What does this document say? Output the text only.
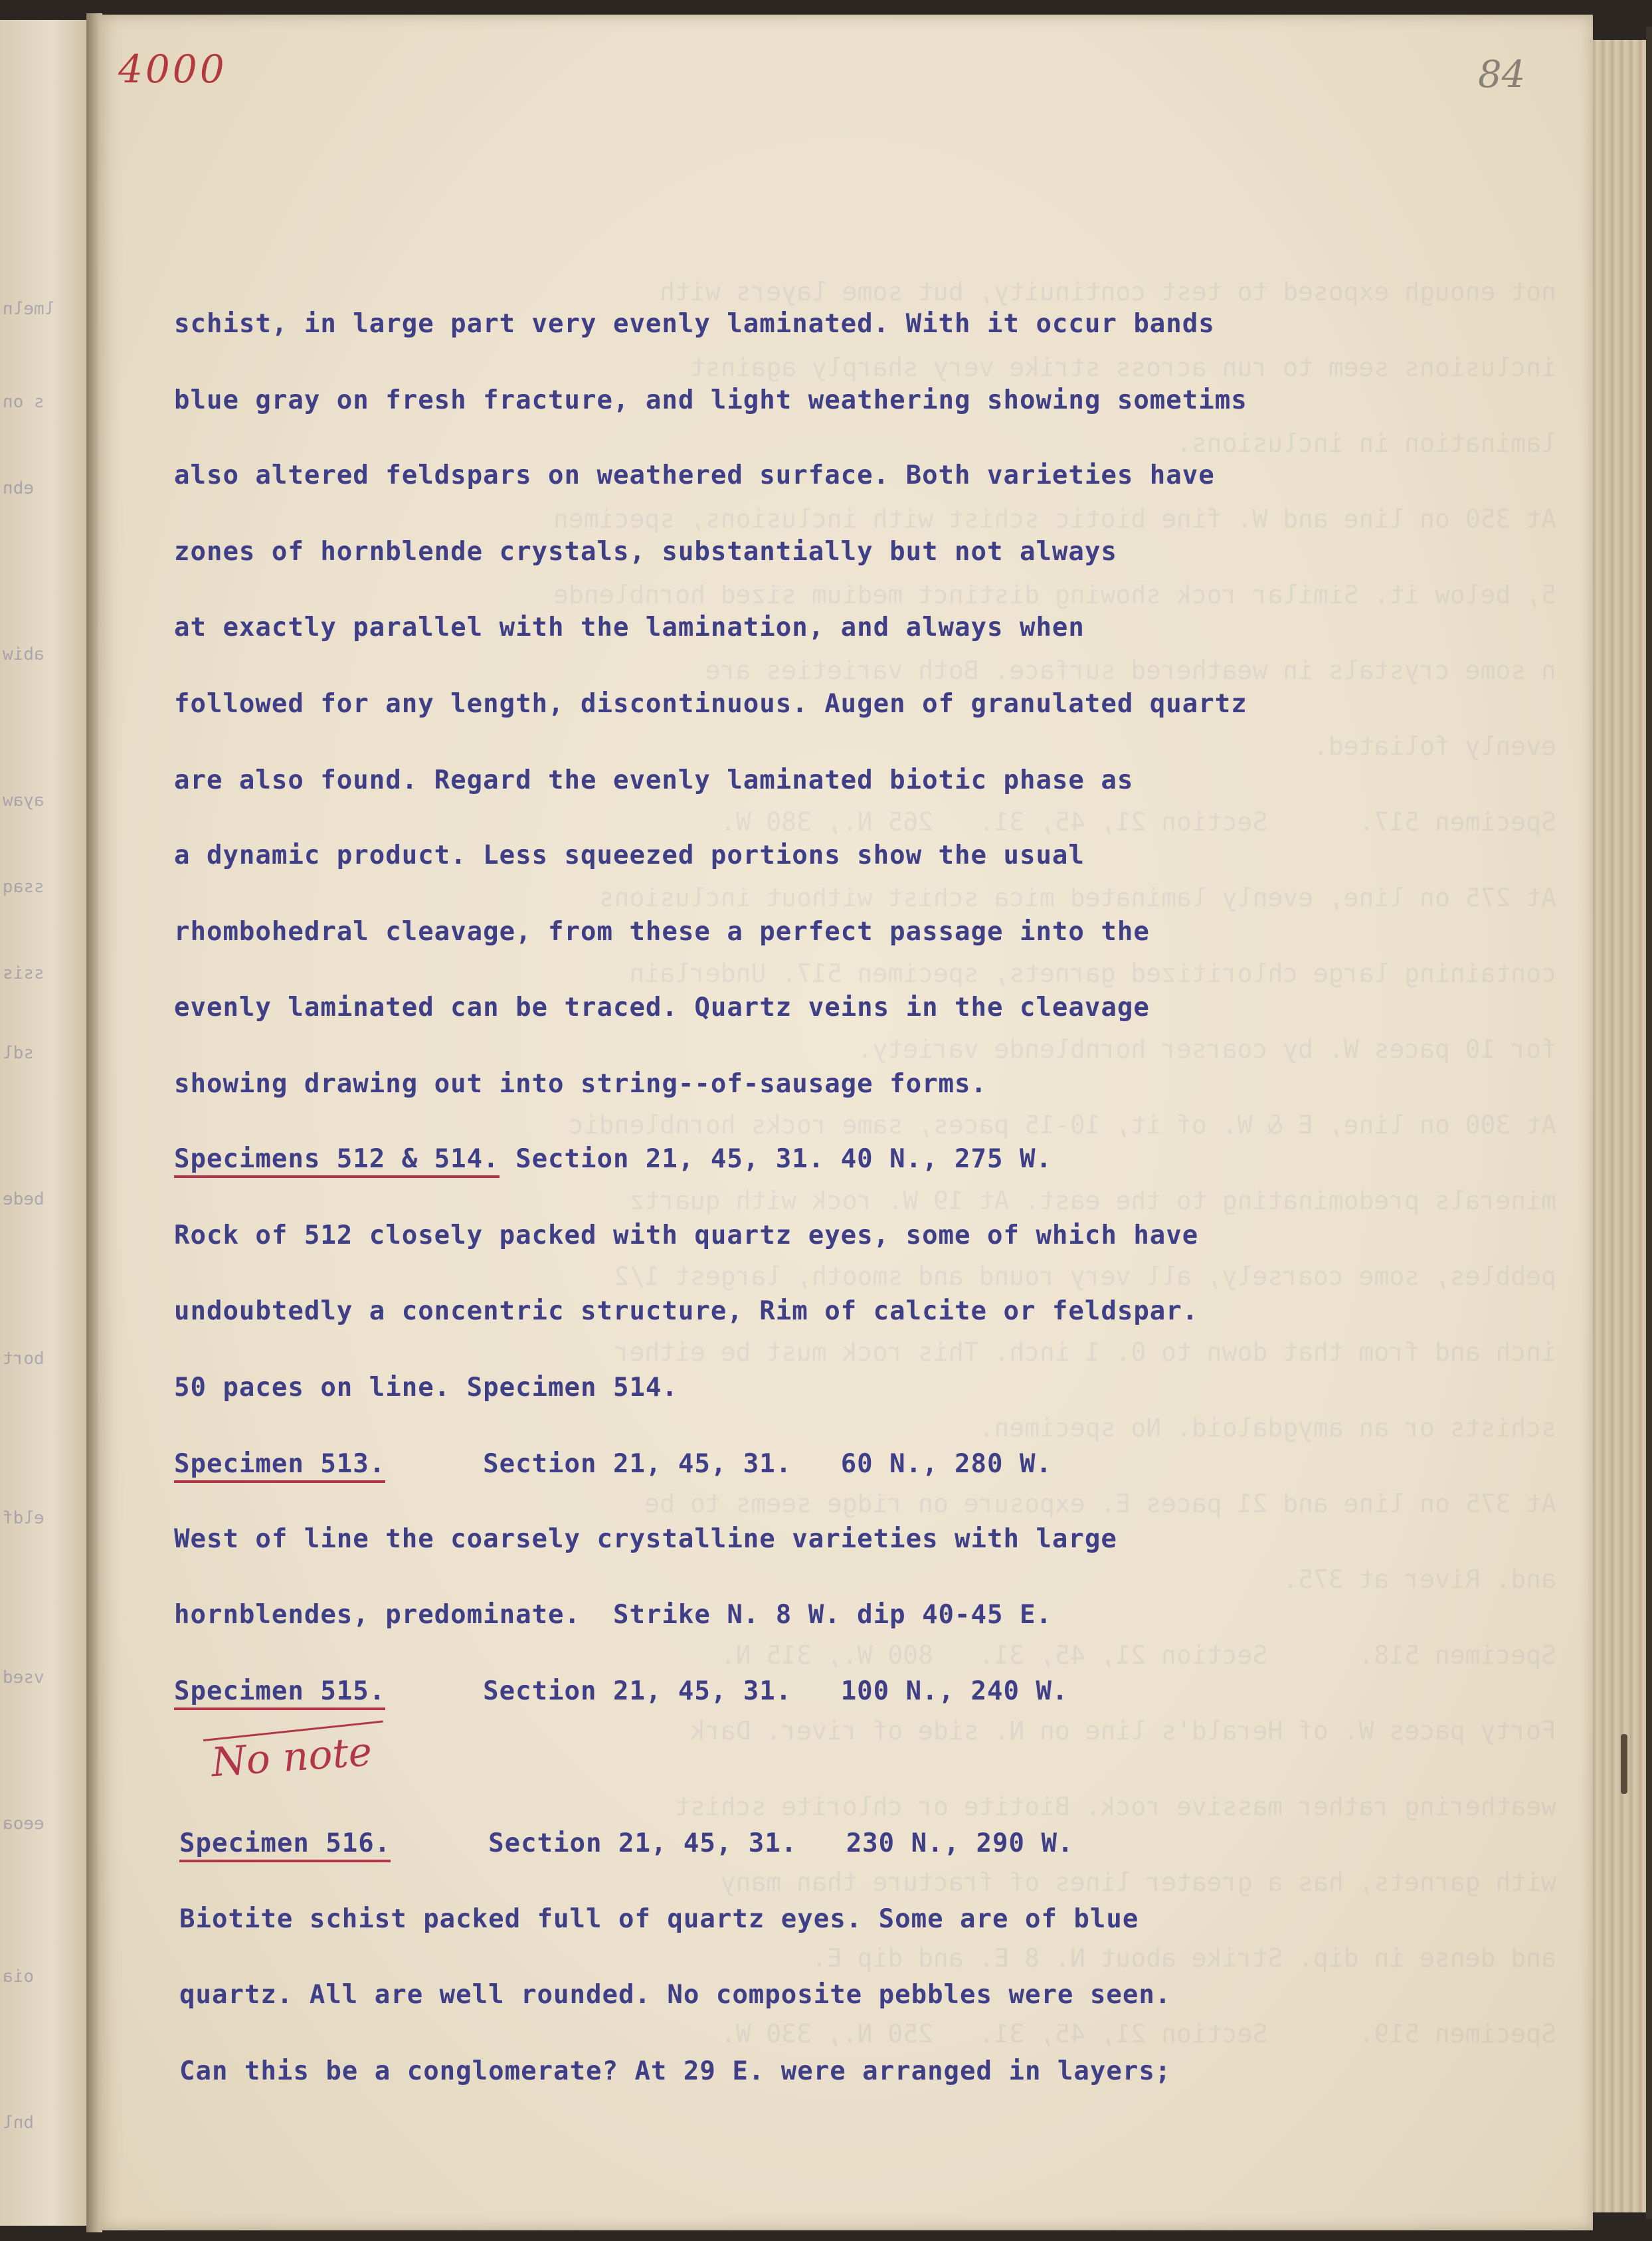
lmeln
s on
ebn
abiw
ayaw
ssaq
ssis
sdl
bede
bort
eldf
vsed
eeoa
oia
bnl
not enough exposed to test continuity, but some layers with
inclusions seem to run across strike very sharply against
lamination in inclusions.
At 350 on line and W. fine biotic schist with inclusions, specimen
5, below it. Similar rock showing distinct medium sized hornblende
n some crystals in weathered surface. Both varieties are
evenly foliated.
Specimen 517.      Section 21, 45, 31.   265 N., 380 W.
At 275 on line, evenly laminated mica schist without inclusions
containing large chloritized garnets, specimen 517. Underlain
for 10 paces W. by coarser hornblende variety.
At 300 on line, E & W. of it, 10-15 paces, same rocks hornblendic
minerals predominating to the east. At 19 W. rock with quartz
pebbles, some coarsely, all very round and smooth, largest 1/2
inch and from that down to 0. 1 inch. This rock must be either
schists or an amygdaloid. No specimen.
At 375 on line and 21 paces E. exposure on ridge seems to be
and. River at 375.
Specimen 518.      Section 21, 45, 31.   800 W., 315 N.
Forty paces W. of Herald's line on N. side of river. Dark
weathering rather massive rock. Biotite or chlorite schist
with garnets, has a greater lines of fracture than many
and dense in dip. Strike about N. 8 E. and dip E.
Specimen 519.      Section 21, 45, 31.   250 N., 330 W.
4000	84
schist, in large part very evenly laminated. With it occur bands
blue gray on fresh fracture, and light weathering showing sometims
also altered feldspars on weathered surface. Both varieties have
zones of hornblende crystals, substantially but not always
at exactly parallel with the lamination, and always when
followed for any length, discontinuous. Augen of granulated quartz
are also found. Regard the evenly laminated biotic phase as
a dynamic product. Less squeezed portions show the usual
rhombohedral cleavage, from these a perfect passage into the
evenly laminated can be traced. Quartz veins in the cleavage
showing drawing out into string--of-sausage forms.
Specimens 512 & 514. Section 21, 45, 31. 40 N., 275 W.
Rock of 512 closely packed with quartz eyes, some of which have
undoubtedly a concentric structure, Rim of calcite or feldspar.
50 paces on line. Specimen 514.
Specimen 513.      Section 21, 45, 31.   60 N., 280 W.
West of line the coarsely crystalline varieties with large
hornblendes, predominate.  Strike N. 8 W. dip 40-45 E.
Specimen 515.      Section 21, 45, 31.   100 N., 240 W.
Specimen 516.      Section 21, 45, 31.   230 N., 290 W.
Biotite schist packed full of quartz eyes. Some are of blue
quartz. All are well rounded. No composite pebbles were seen.
Can this be a conglomerate? At 29 E. were arranged in layers;
No note
